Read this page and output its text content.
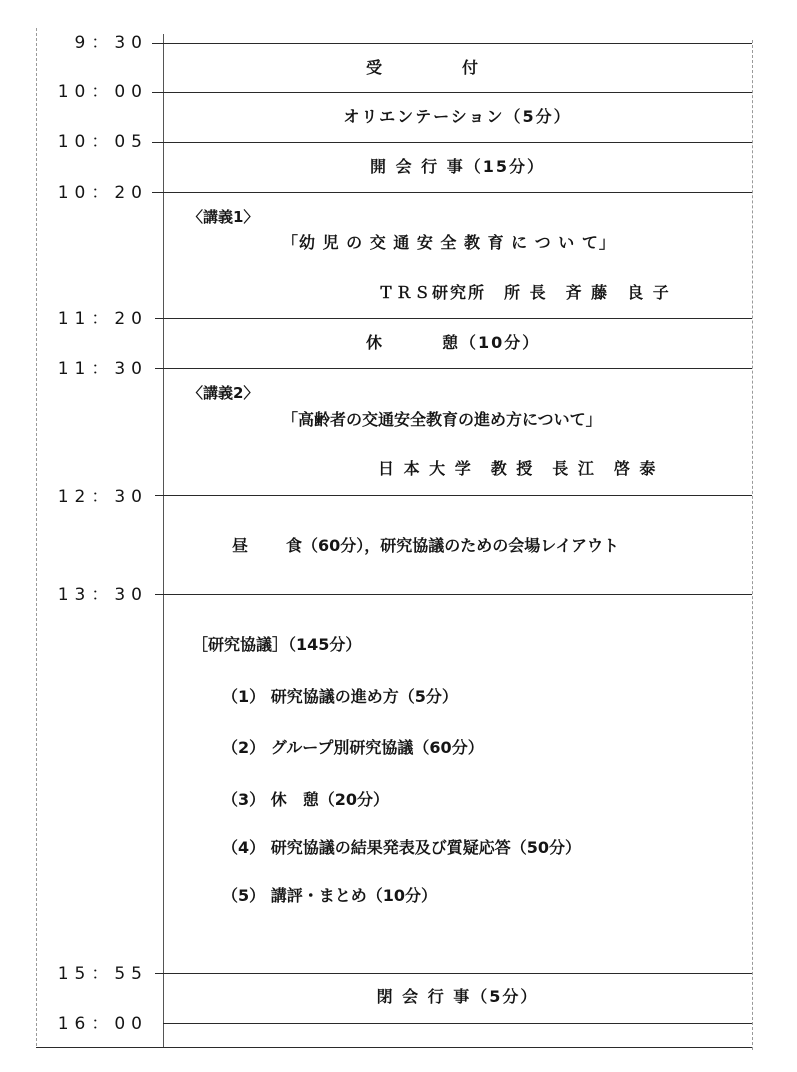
9：30
10：00
10：05
10：20
11：20
11：30
12：30
13：30
15：55
16：00
受	付
オリエンテーション（5分）
開 会 行 事（15分）
〈講義1〉
「幼 児 の 交 通 安 全 教 育 に つ い て」
ＴＲＳ研究所　所 長　斉 藤　良 子
休	憩（10分）
〈講義2〉
「高齢者の交通安全教育の進め方について」
日 本 大 学　教 授　長 江　啓 泰
昼 食（60分），研究協議のための会場レイアウト
［研究協議］（145分）
（1） 研究協議の進め方（5分）
（2） グループ別研究協議（60分）
（3） 休　憩（20分）
（4） 研究協議の結果発表及び質疑応答（50分）
（5） 講評・まとめ（10分）
閉 会 行 事（5分）
